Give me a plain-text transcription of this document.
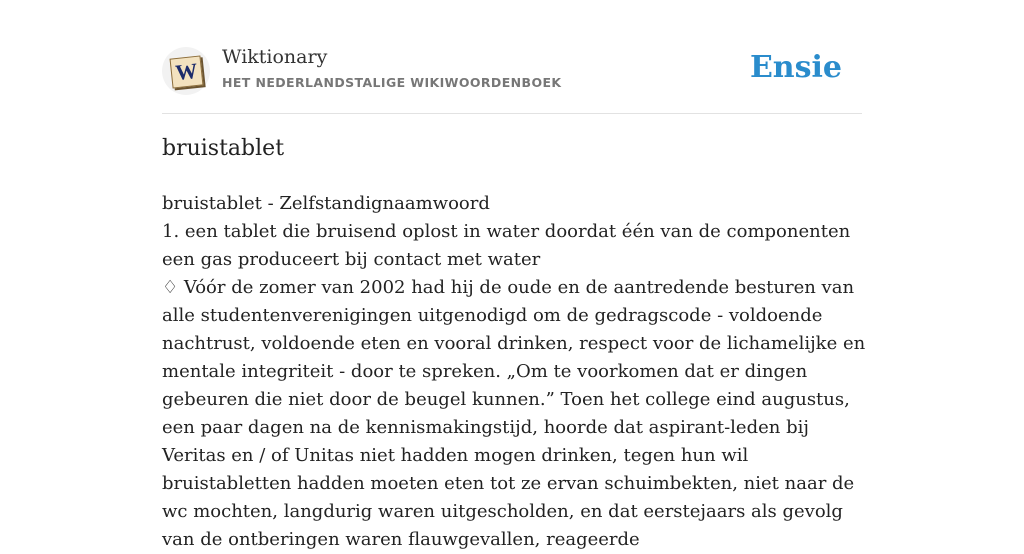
W
Wiktionary
HET NEDERLANDSTALIGE WIKIWOORDENBOEK	Ensie
bruistablet

bruistablet - Zelfstandignaamwoord

1. een tablet die bruisend oplost in water doordat één van de componenten een gas produceert bij contact met water

♢ Vóór de zomer van 2002 had hij de oude en de aantredende besturen van alle studentenverenigingen uitgenodigd om de gedragscode - voldoende nachtrust, voldoende eten en vooral drinken, respect voor de lichamelijke en mentale integriteit - door te spreken. „Om te voorkomen dat er dingen gebeuren die niet door de beugel kunnen.” Toen het college eind augustus, een paar dagen na de kennismakingstijd, hoorde dat aspirant-leden bij Veritas en / of Unitas niet hadden mogen drinken, tegen hun wil bruistabletten hadden moeten eten tot ze ervan schuimbekten, niet naar de wc mochten, langdurig waren uitgescholden, en dat eerstejaars als gevolg van de ontberingen waren flauwgevallen, reageerde
